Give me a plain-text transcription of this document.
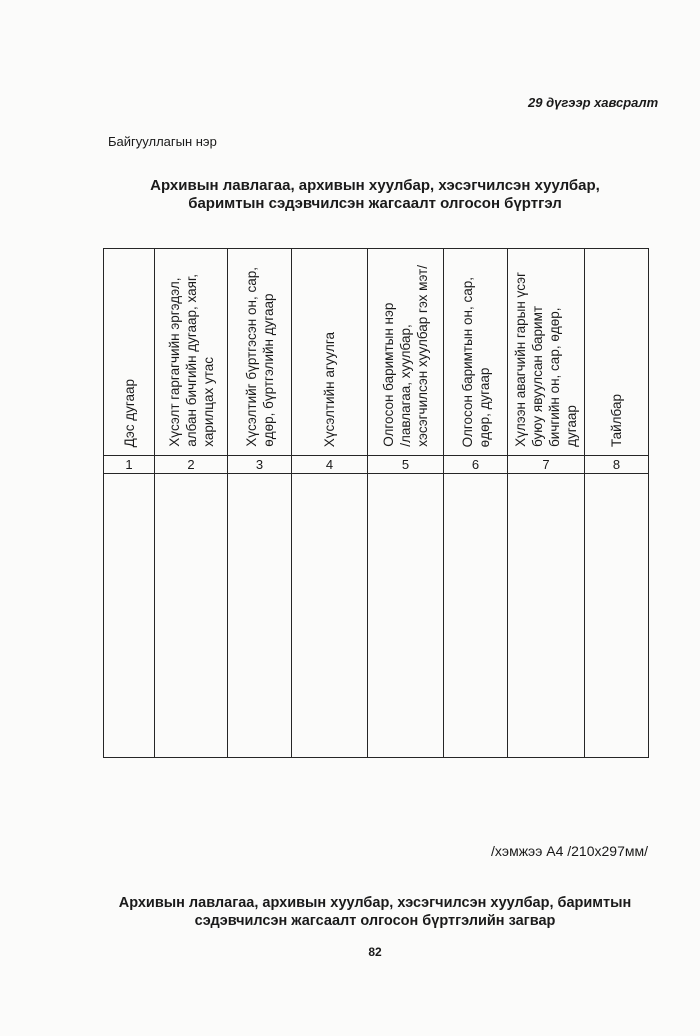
29 дүгээр хавсралт
Байгууллагын нэр
Архивын лавлагаа, архивын хуулбар, хэсэгчилсэн хуулбар,
баримтын сэдэвчилсэн жагсаалт олгосон бүртгэл
Дэс дугаар	Хүсэлт гаргагчийн эргэдэл, албан бичгийн дугаар, хаяг, харилцах утас	Хүсэлтийг бүртгэсэн он, сар, өдөр, бүртгэлийн дугаар	Хүсэлтийн агуулга	Олгосон баримтын нэр /лавлагаа, хуулбар, хэсэгчилсэн хуулбар гэх мэт/	Олгосон баримтын он, сар, өдөр, дугаар	Хүлээн авагчийн гарын үсэг буюу явуулсан баримт бичгийн он, сар, өдөр, дугаар	Тайлбар

1	2	3	4	5	6	7	8

/хэмжээ А4 /210х297мм/
Архивын лавлагаа, архивын хуулбар, хэсэгчилсэн хуулбар, баримтын
сэдэвчилсэн жагсаалт олгосон бүртгэлийн загвар
82
